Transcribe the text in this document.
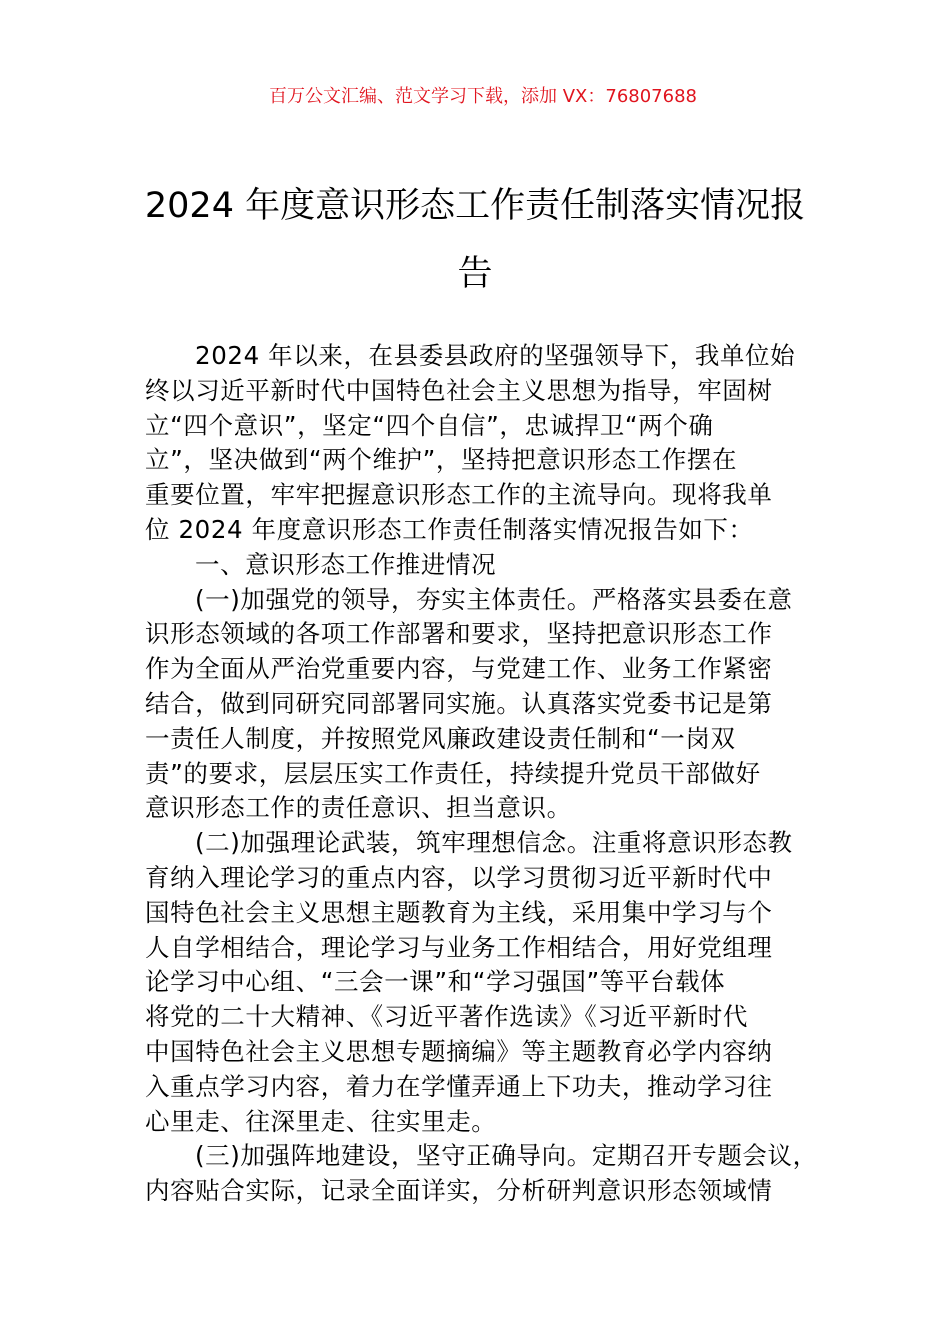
百万公文汇编、范文学习下载，添加 VX：76807688
2024 年度意识形态工作责任制落实情况报
告
2024 年以来，在县委县政府的坚强领导下，我单位始
终以习近平新时代中国特色社会主义思想为指导，牢固树
立“四个意识”，坚定“四个自信”，忠诚捍卫“两个确
立”，坚决做到“两个维护”，坚持把意识形态工作摆在
重要位置，牢牢把握意识形态工作的主流导向。现将我单
位 2024 年度意识形态工作责任制落实情况报告如下：
一、意识形态工作推进情况
(一)加强党的领导，夯实主体责任。严格落实县委在意
识形态领域的各项工作部署和要求，坚持把意识形态工作
作为全面从严治党重要内容，与党建工作、业务工作紧密
结合，做到同研究同部署同实施。认真落实党委书记是第
一责任人制度，并按照党风廉政建设责任制和“一岗双
责”的要求，层层压实工作责任，持续提升党员干部做好
意识形态工作的责任意识、担当意识。
(二)加强理论武装，筑牢理想信念。注重将意识形态教
育纳入理论学习的重点内容，以学习贯彻习近平新时代中
国特色社会主义思想主题教育为主线，采用集中学习与个
人自学相结合，理论学习与业务工作相结合，用好党组理
论学习中心组、“三会一课”和“学习强国”等平台载体
将党的二十大精神、《习近平著作选读》《习近平新时代
中国特色社会主义思想专题摘编》等主题教育必学内容纳
入重点学习内容，着力在学懂弄通上下功夫，推动学习往
心里走、往深里走、往实里走。
(三)加强阵地建设，坚守正确导向。定期召开专题会议，
内容贴合实际，记录全面详实，分析研判意识形态领域情
